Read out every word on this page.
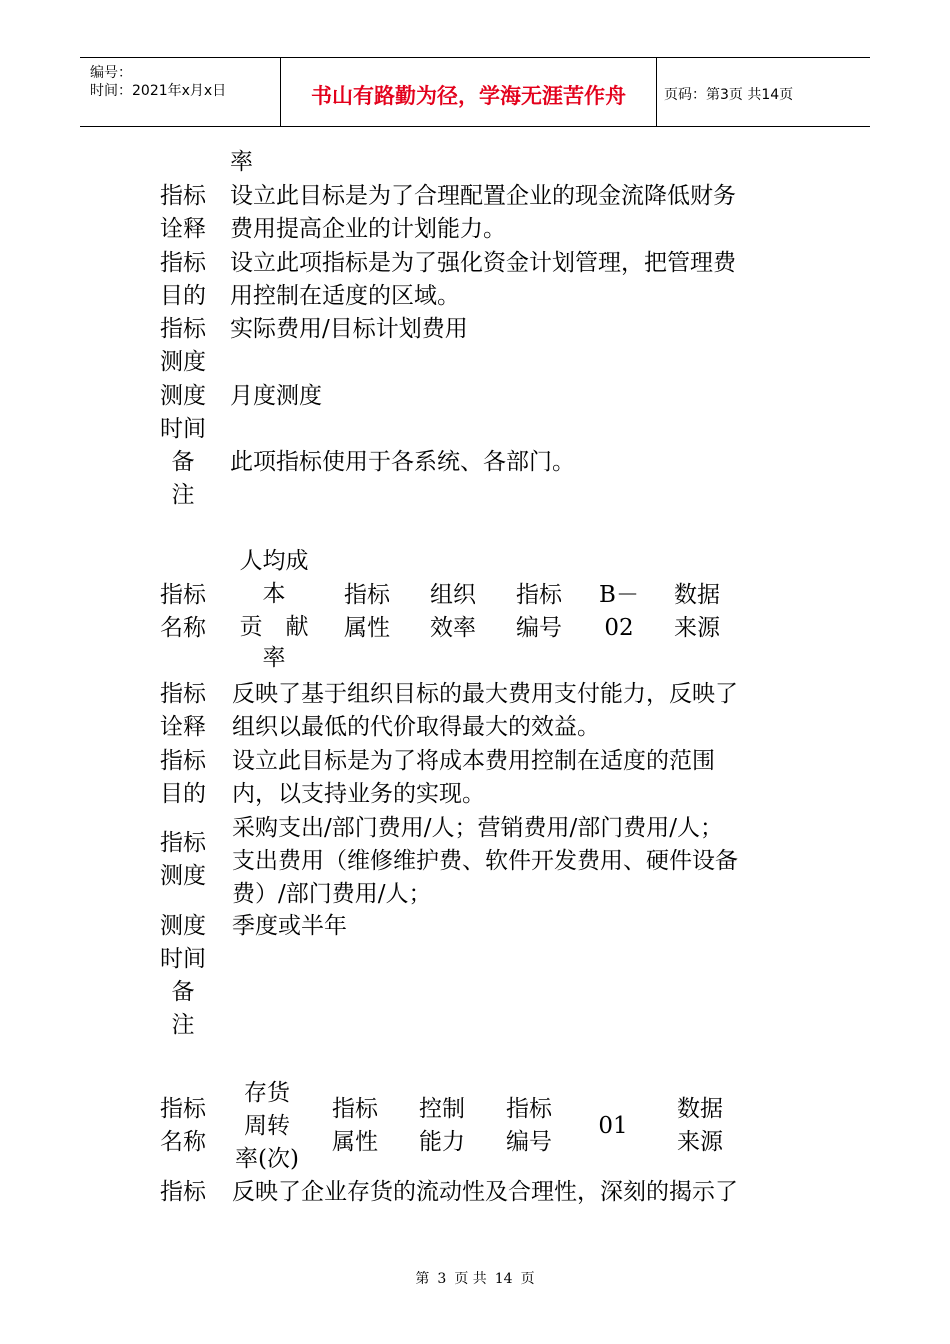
编号：
时间：2021年x月x日	书山有路勤为径，学海无涯苦作舟	页码：第3页 共14页
率
指标
诠释
设立此目标是为了合理配置企业的现金流降低财务
费用提高企业的计划能力。
指标
目的
设立此项指标是为了强化资金计划管理，把管理费
用控制在适度的区域。
指标
测度
实际费用/目标计划费用
测度
时间
月度测度
备
注
此项指标使用于各系统、各部门。
指标
名称
人均成
本
贡　献
率
指标
属性
组织
效率
指标
编号
B－
02
数据
来源
指标
诠释
反映了基于组织目标的最大费用支付能力，反映了
组织以最低的代价取得最大的效益。
指标
目的
设立此目标是为了将成本费用控制在适度的范围
内，以支持业务的实现。
指标
测度
采购支出/部门费用/人；营销费用/部门费用/人；
支出费用（维修维护费、软件开发费用、硬件设备
费）/部门费用/人；
测度
时间
季度或半年
备
注
指标
名称
存货
周转
率(次)
指标
属性
控制
能力
指标
编号
01
数据
来源
指标 反映了企业存货的流动性及合理性，深刻的揭示了
第 3 页 共 14 页
